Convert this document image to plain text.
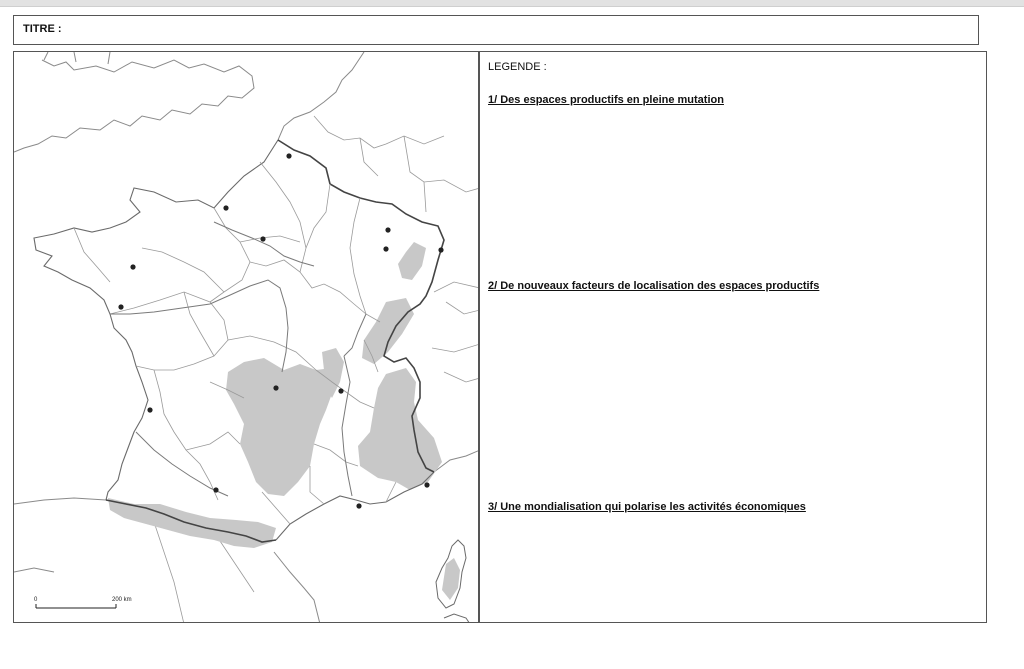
TITRE :
0	200 km
LEGENDE :
1/ Des espaces productifs en pleine mutation
2/ De nouveaux facteurs de localisation des espaces productifs
3/ Une mondialisation qui polarise les activités économiques
